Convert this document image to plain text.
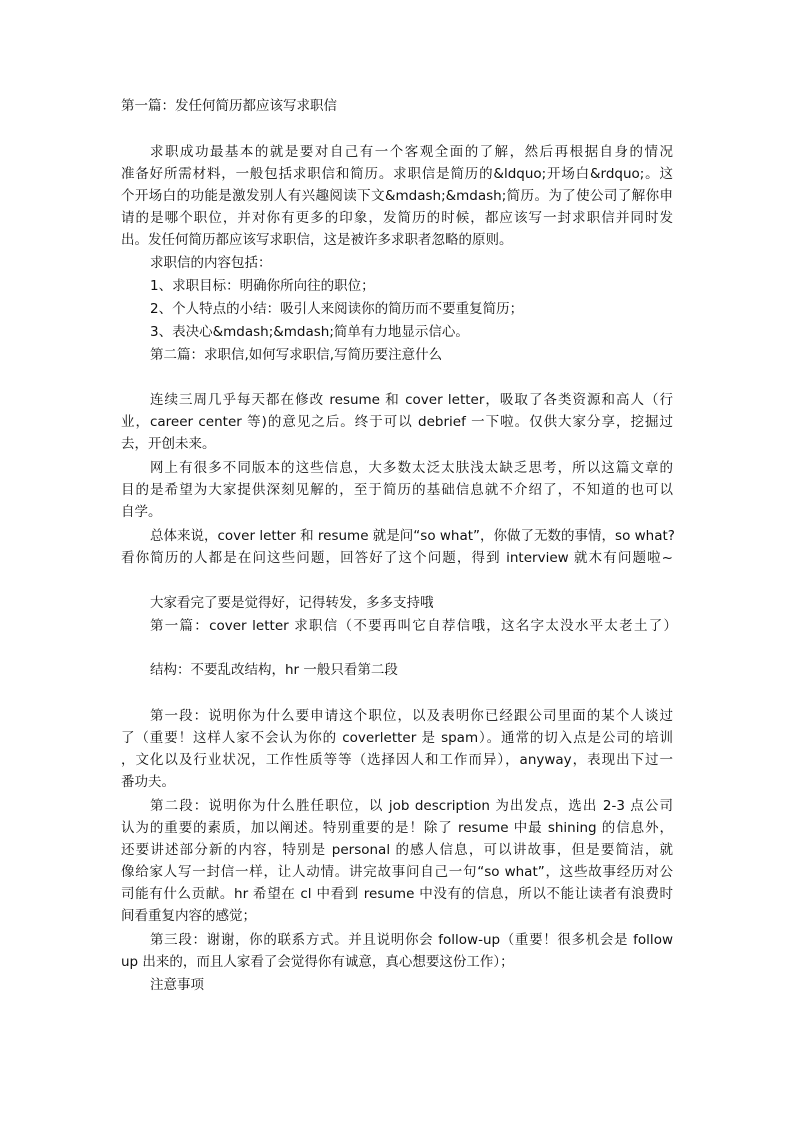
第一篇：发任何简历都应该写求职信
求职成功最基本的就是要对自己有一个客观全面的了解，然后再根据自身的情况
准备好所需材料，一般包括求职信和简历。求职信是简历的&ldquo;开场白&rdquo;。这
个开场白的功能是激发别人有兴趣阅读下文&mdash;&mdash;简历。为了使公司了解你申
请的是哪个职位，并对你有更多的印象，发简历的时候，都应该写一封求职信并同时发
出。发任何简历都应该写求职信，这是被许多求职者忽略的原则。
求职信的内容包括：
1、求职目标：明确你所向往的职位；
2、个人特点的小结：吸引人来阅读你的简历而不要重复简历；
3、表决心&mdash;&mdash;简单有力地显示信心。
第二篇：求职信,如何写求职信,写简历要注意什么
连续三周几乎每天都在修改 resume 和 cover letter，吸取了各类资源和高人（行
业，career center 等)的意见之后。终于可以 debrief 一下啦。仅供大家分享，挖掘过
去，开创未来。
网上有很多不同版本的这些信息，大多数太泛太肤浅太缺乏思考，所以这篇文章的
目的是希望为大家提供深刻见解的，至于简历的基础信息就不介绍了，不知道的也可以
自学。
总体来说，cover letter 和 resume 就是问“so what”，你做了无数的事情，so what?
看你简历的人都是在问这些问题，回答好了这个问题，得到 interview 就木有问题啦~
大家看完了要是觉得好，记得转发，多多支持哦
第一篇：cover letter 求职信（不要再叫它自荐信哦，这名字太没水平太老土了）
结构：不要乱改结构，hr 一般只看第二段
第一段：说明你为什么要申请这个职位，以及表明你已经跟公司里面的某个人谈过
了（重要！这样人家不会认为你的 coverletter 是 spam）。通常的切入点是公司的培训
，文化以及行业状况，工作性质等等（选择因人和工作而异），anyway，表现出下过一
番功夫。
第二段：说明你为什么胜任职位，以 job description 为出发点，选出 2-3 点公司
认为的重要的素质，加以阐述。特别重要的是！除了 resume 中最 shining 的信息外，
还要讲述部分新的内容，特别是 personal 的感人信息，可以讲故事，但是要简洁，就
像给家人写一封信一样，让人动情。讲完故事问自己一句“so what”，这些故事经历对公
司能有什么贡献。hr 希望在 cl 中看到 resume 中没有的信息，所以不能让读者有浪费时
间看重复内容的感觉；
第三段：谢谢，你的联系方式。并且说明你会 follow-up（重要！很多机会是 follow
up 出来的，而且人家看了会觉得你有诚意，真心想要这份工作）；
注意事项
